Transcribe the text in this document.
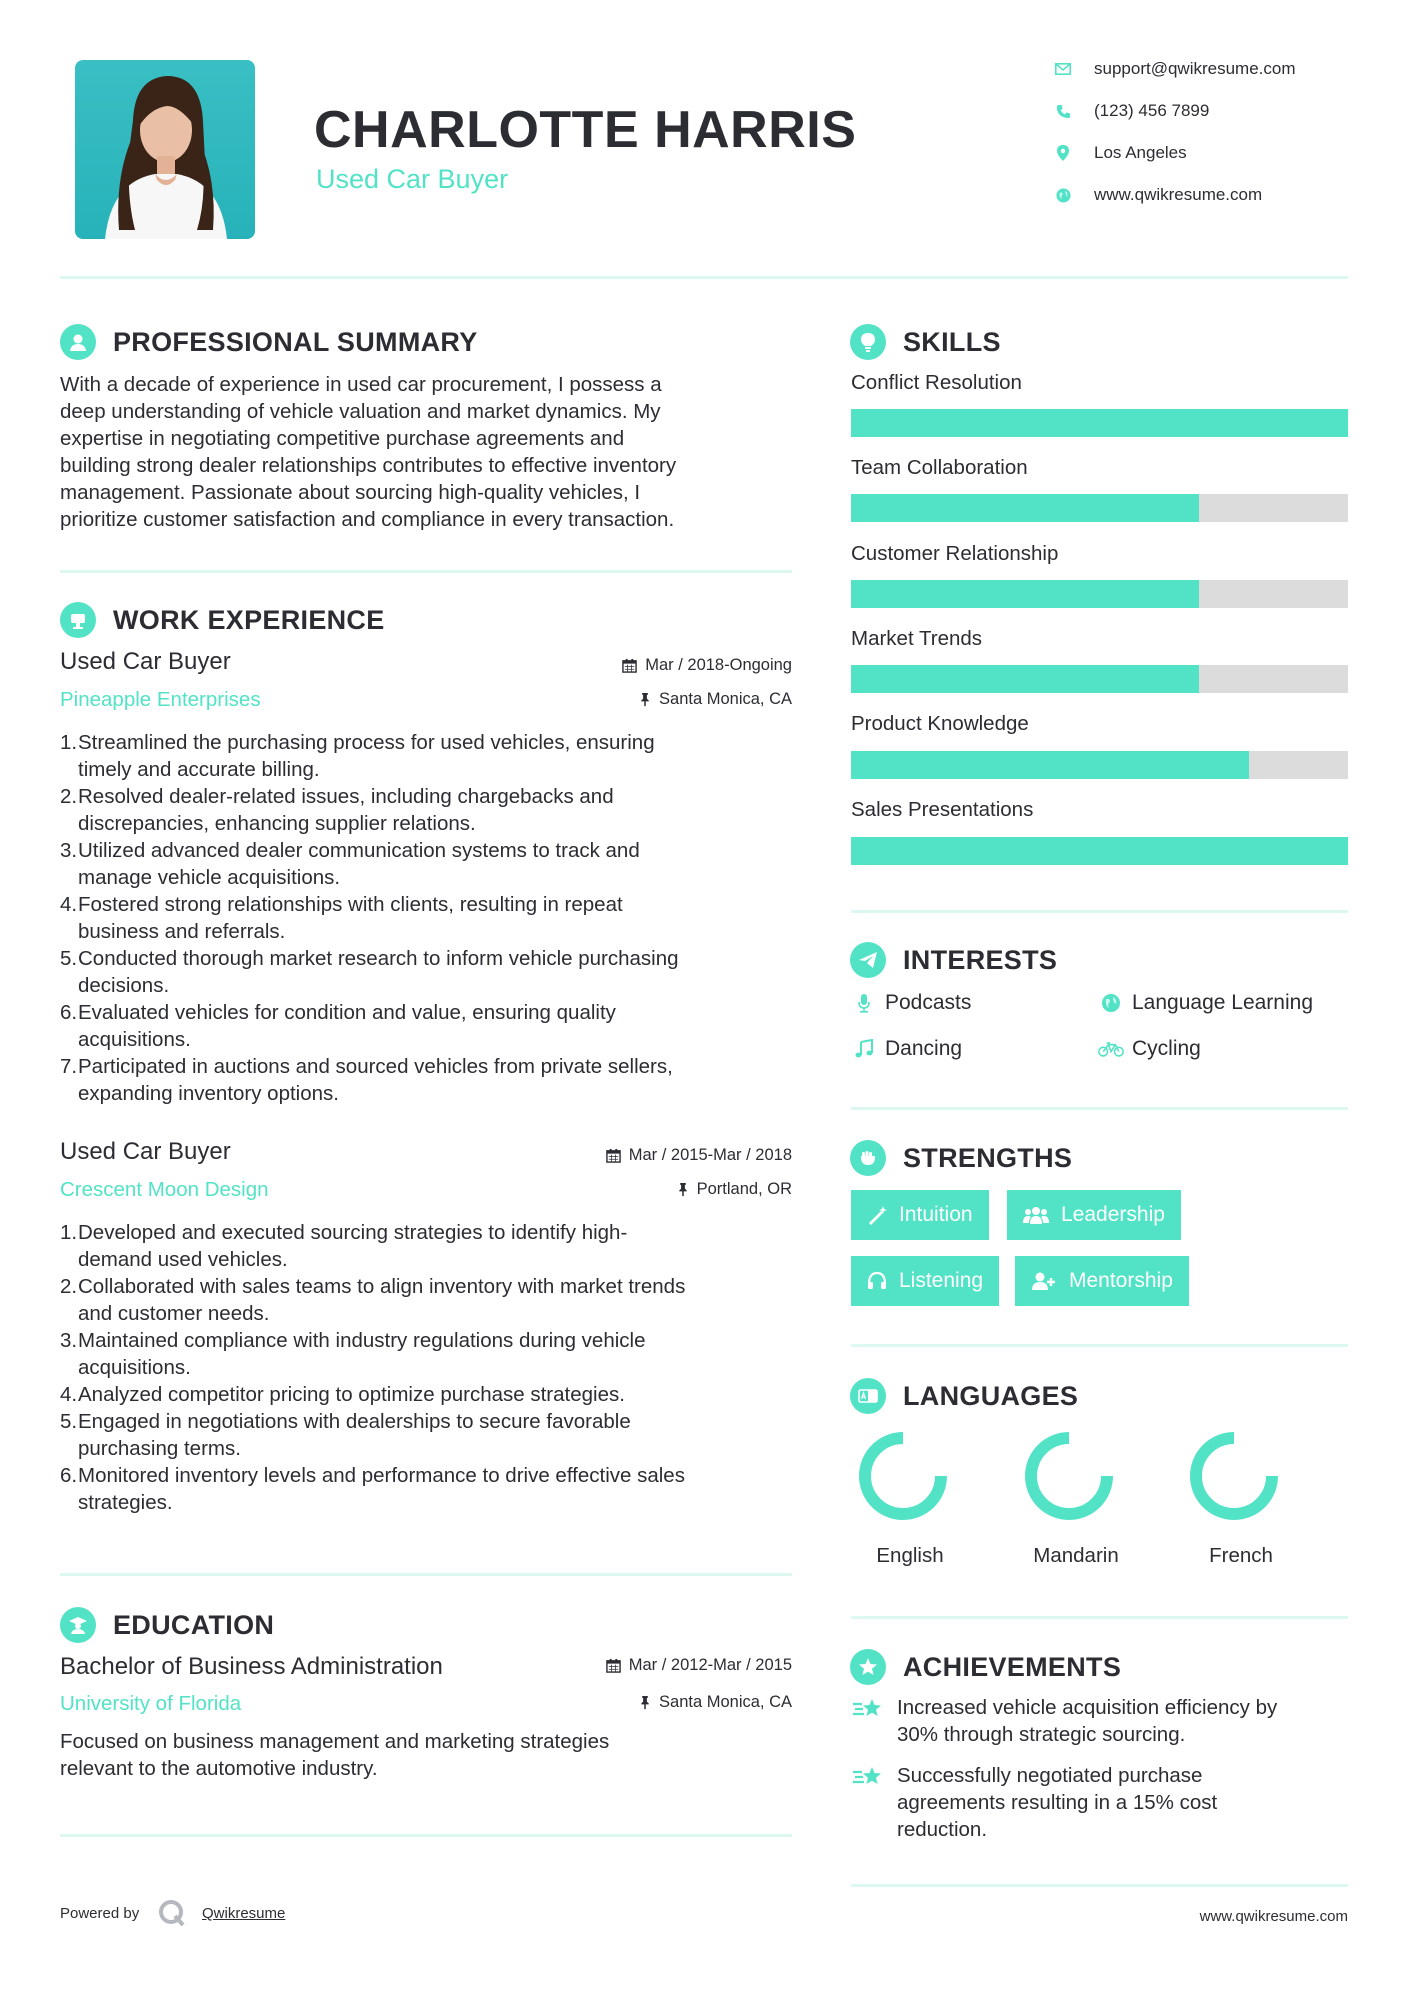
CHARLOTTE HARRIS
Used Car Buyer
support@qwikresume.com
(123) 456 7899
Los Angeles
www.qwikresume.com
PROFESSIONAL SUMMARY
With a decade of experience in used car procurement, I possess a
deep understanding of vehicle valuation and market dynamics. My
expertise in negotiating competitive purchase agreements and
building strong dealer relationships contributes to effective inventory
management. Passionate about sourcing high-quality vehicles, I
prioritize customer satisfaction and compliance in every transaction.
WORK EXPERIENCE
Used Car Buyer	Mar / 2018-Ongoing
Pineapple Enterprises	Santa Monica, CA
1. Streamlined the purchasing process for used vehicles, ensuring
timely and accurate billing.
2. Resolved dealer-related issues, including chargebacks and
discrepancies, enhancing supplier relations.
3. Utilized advanced dealer communication systems to track and
manage vehicle acquisitions.
4. Fostered strong relationships with clients, resulting in repeat
business and referrals.
5. Conducted thorough market research to inform vehicle purchasing
decisions.
6. Evaluated vehicles for condition and value, ensuring quality
acquisitions.
7. Participated in auctions and sourced vehicles from private sellers,
expanding inventory options.
Used Car Buyer	Mar / 2015-Mar / 2018
Crescent Moon Design	Portland, OR
1. Developed and executed sourcing strategies to identify high-
demand used vehicles.
2. Collaborated with sales teams to align inventory with market trends
and customer needs.
3. Maintained compliance with industry regulations during vehicle
acquisitions.
4. Analyzed competitor pricing to optimize purchase strategies.
5. Engaged in negotiations with dealerships to secure favorable
purchasing terms.
6. Monitored inventory levels and performance to drive effective sales
strategies.
EDUCATION
Bachelor of Business Administration	Mar / 2012-Mar / 2015
University of Florida	Santa Monica, CA
Focused on business management and marketing strategies
relevant to the automotive industry.
SKILLS
Conflict Resolution
Team Collaboration
Customer Relationship
Market Trends
Product Knowledge
Sales Presentations
INTERESTS
Podcasts	Language Learning
Dancing	Cycling
STRENGTHS
Intuition	Leadership
Listening	Mentorship
LANGUAGES
English	Mandarin	French
ACHIEVEMENTS
Increased vehicle acquisition efficiency by
30% through strategic sourcing.
Successfully negotiated purchase
agreements resulting in a 15% cost
reduction.
Powered by	Qwikresume	www.qwikresume.com
